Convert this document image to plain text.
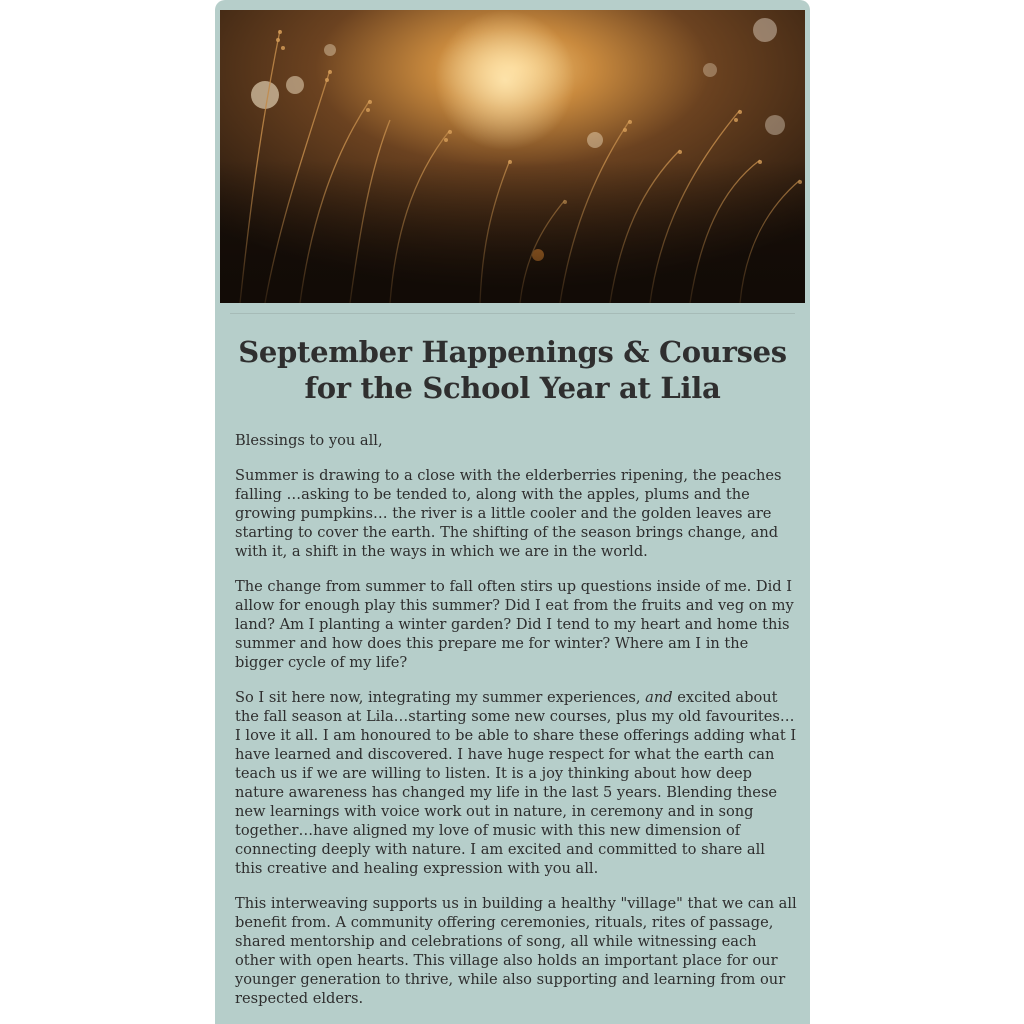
September Happenings & Courses for the School Year at Lila

Blessings to you all,

Summer is drawing to a close with the elderberries ripening, the peaches falling …asking to be tended to, along with the apples, plums and the growing pumpkins… the river is a little cooler and the golden leaves are starting to cover the earth. The shifting of the season brings change, and with it, a shift in the ways in which we are in the world.

The change from summer to fall often stirs up questions inside of me. Did I allow for enough play this summer? Did I eat from the fruits and veg on my land? Am I planting a winter garden? Did I tend to my heart and home this summer and how does this prepare me for winter? Where am I in the bigger cycle of my life?

So I sit here now, integrating my summer experiences, and excited about the fall season at Lila…starting some new courses, plus my old favourites…I love it all. I am honoured to be able to share these offerings adding what I have learned and discovered. I have huge respect for what the earth can teach us if we are willing to listen. It is a joy thinking about how deep nature awareness has changed my life in the last 5 years. Blending these new learnings with voice work out in nature, in ceremony and in song together…have aligned my love of music with this new dimension of connecting deeply with nature. I am excited and committed to share all this creative and healing expression with you all.

This interweaving supports us in building a healthy "village" that we can all benefit from. A community offering ceremonies, rituals, rites of passage, shared mentorship and celebrations of song, all while witnessing each other with open hearts. This village also holds an important place for our younger generation to thrive, while also supporting and learning from our respected elders.
